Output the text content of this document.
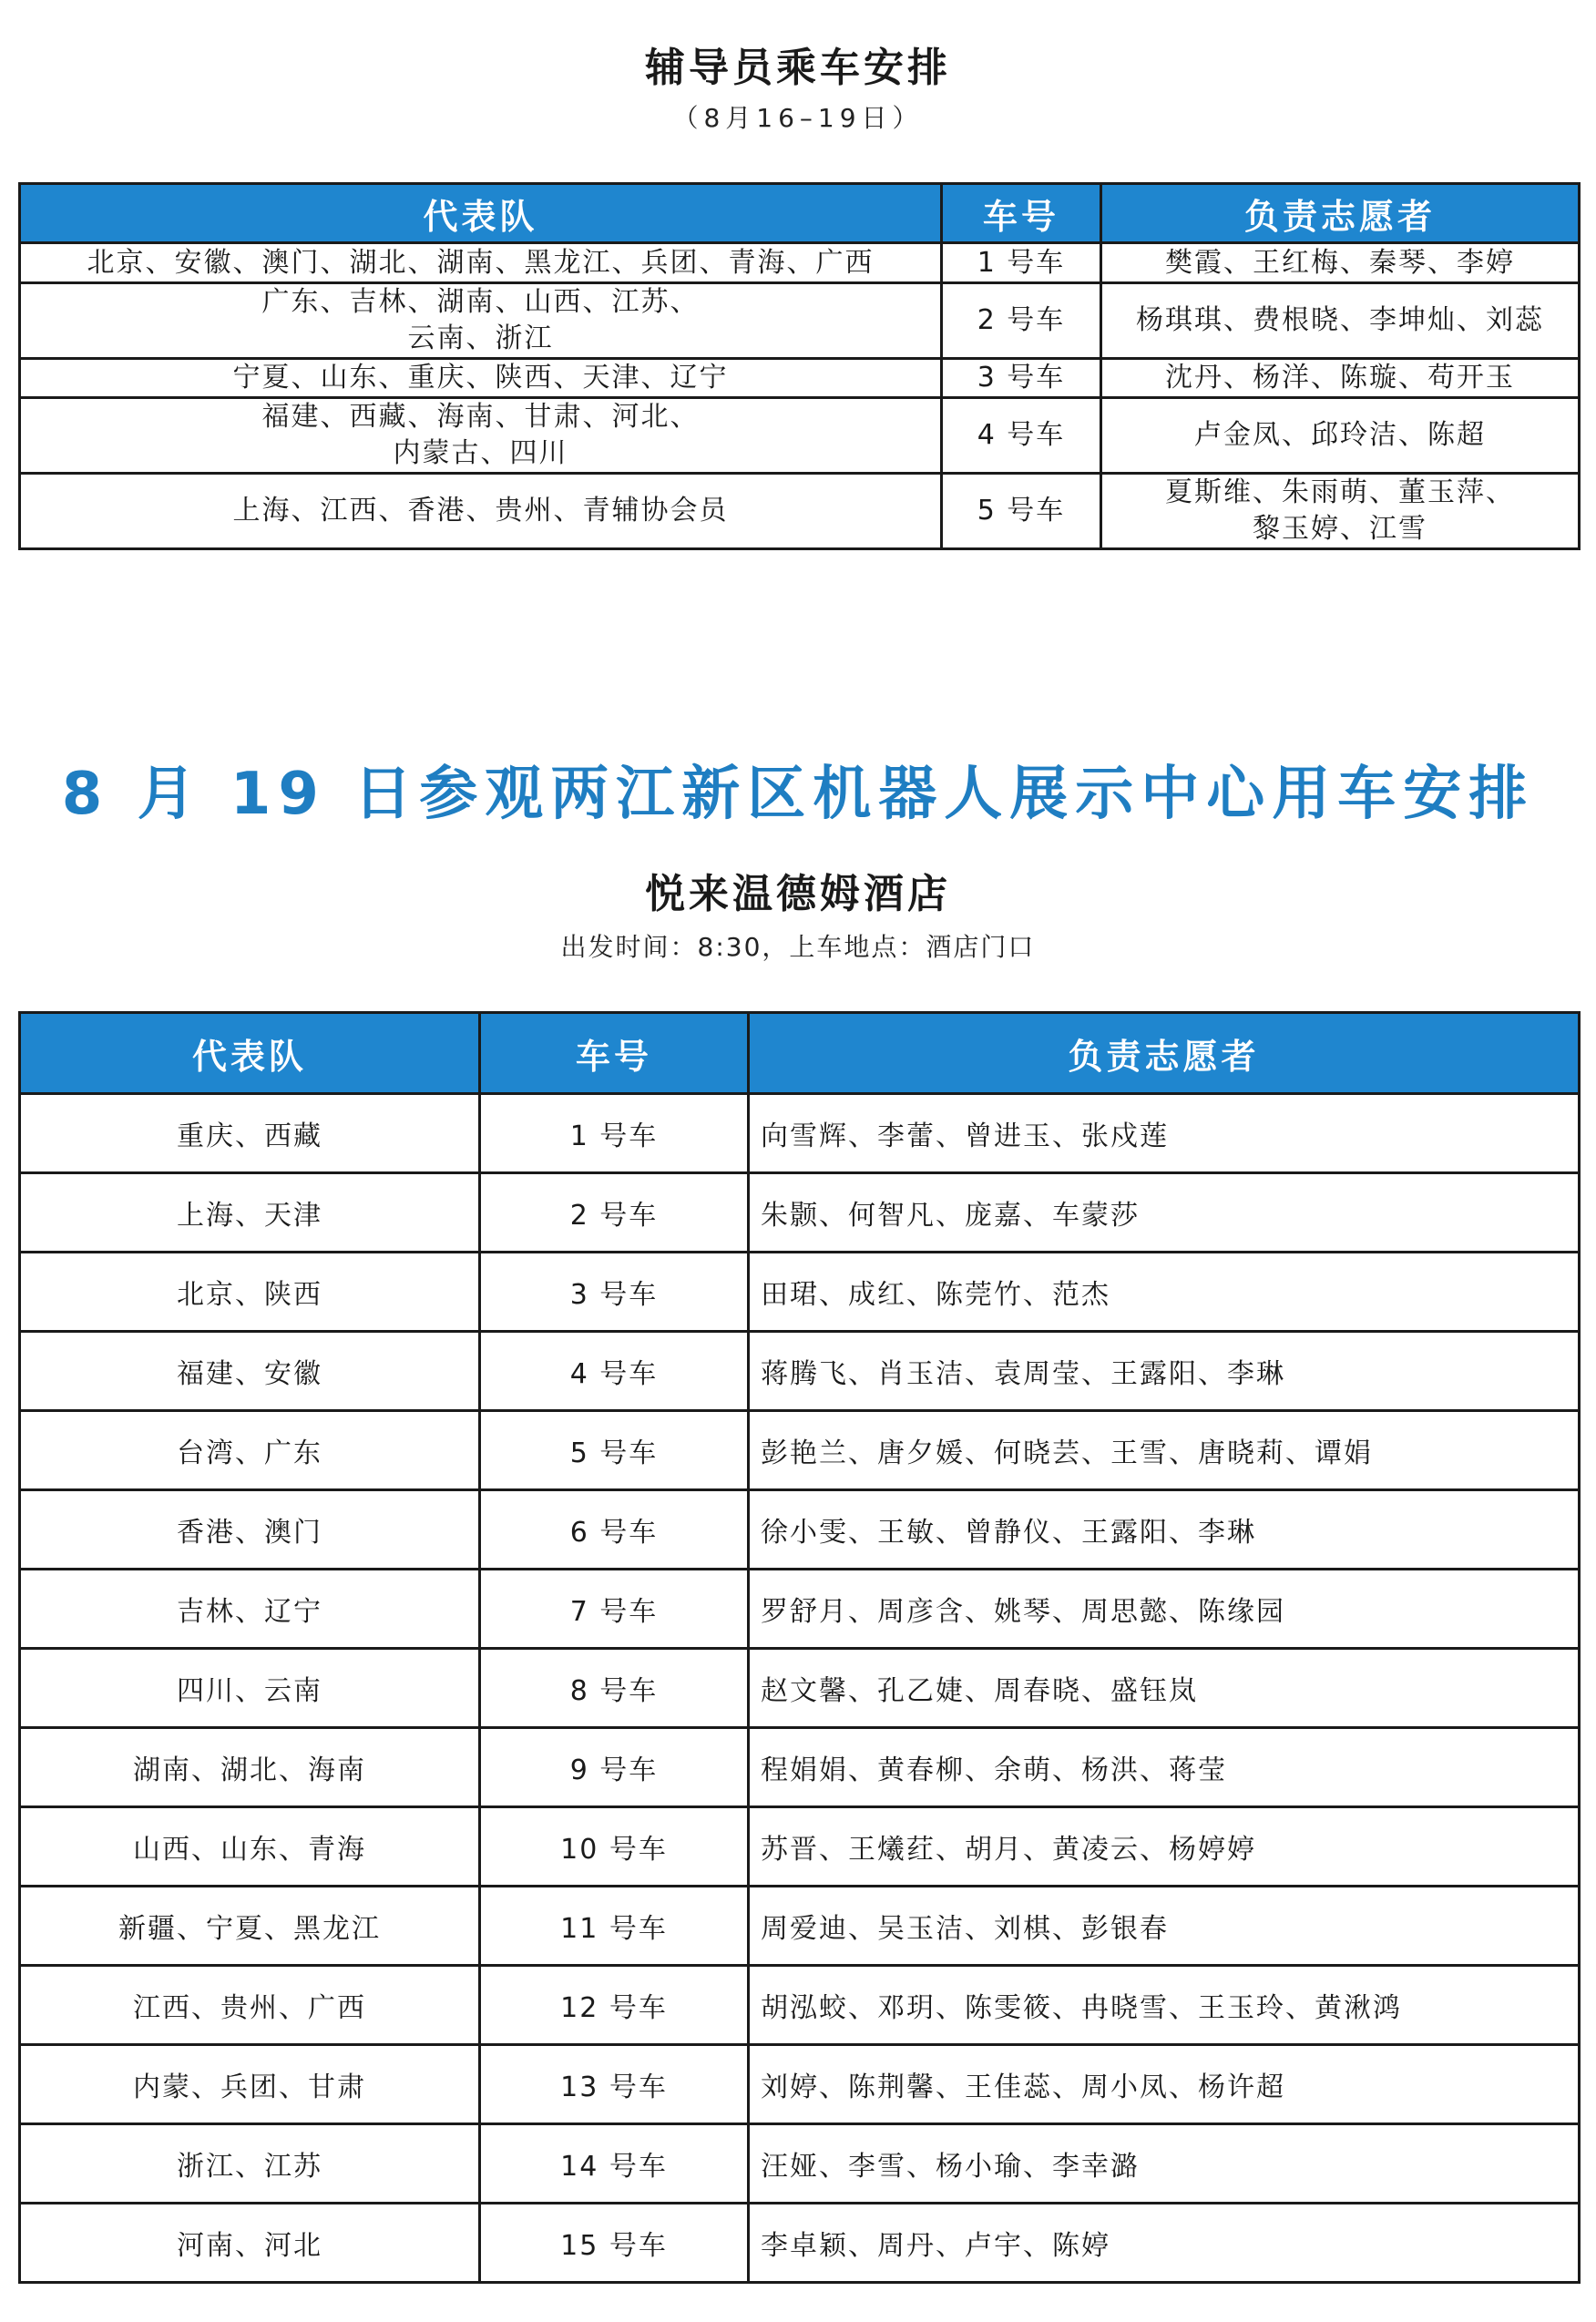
辅导员乘车安排
（8月16–19日）
代表队	车号	负责志愿者
北京、安徽、澳门、湖北、湖南、黑龙江、兵团、青海、广西	1 号车	樊霞、王红梅、秦琴、李婷
广东、吉林、湖南、山西、江苏、
云南、浙江	2 号车	杨琪琪、费根晓、李坤灿、刘蕊
宁夏、山东、重庆、陕西、天津、辽宁	3 号车	沈丹、杨洋、陈璇、苟开玉
福建、西藏、海南、甘肃、河北、
内蒙古、四川	4 号车	卢金凤、邱玲洁、陈超
上海、江西、香港、贵州、青辅协会员	5 号车	夏斯维、朱雨萌、董玉萍、
黎玉婷、江雪
8 月 19 日参观两江新区机器人展示中心用车安排
悦来温德姆酒店
出发时间：8:30，上车地点：酒店门口
代表队	车号	负责志愿者
重庆、西藏	1 号车	向雪辉、李蕾、曾进玉、张戍莲
上海、天津	2 号车	朱颢、何智凡、庞嘉、车蒙莎
北京、陕西	3 号车	田珺、成红、陈莞竹、范杰
福建、安徽	4 号车	蒋腾飞、肖玉洁、袁周莹、王露阳、李琳
台湾、广东	5 号车	彭艳兰、唐夕媛、何晓芸、王雪、唐晓莉、谭娟
香港、澳门	6 号车	徐小雯、王敏、曾静仪、王露阳、李琳
吉林、辽宁	7 号车	罗舒月、周彦含、姚琴、周思懿、陈缘园
四川、云南	8 号车	赵文馨、孔乙婕、周春晓、盛钰岚
湖南、湖北、海南	9 号车	程娟娟、黄春柳、余萌、杨洪、蒋莹
山西、山东、青海	10 号车	苏晋、王爔荭、胡月、黄凌云、杨婷婷
新疆、宁夏、黑龙江	11 号车	周爱迪、吴玉洁、刘棋、彭银春
江西、贵州、广西	12 号车	胡泓蛟、邓玥、陈雯筱、冉晓雪、王玉玲、黄湫鸿
内蒙、兵团、甘肃	13 号车	刘婷、陈荆馨、王佳蕊、周小凤、杨许超
浙江、江苏	14 号车	汪娅、李雪、杨小瑜、李幸潞
河南、河北	15 号车	李卓颖、周丹、卢宇、陈婷
